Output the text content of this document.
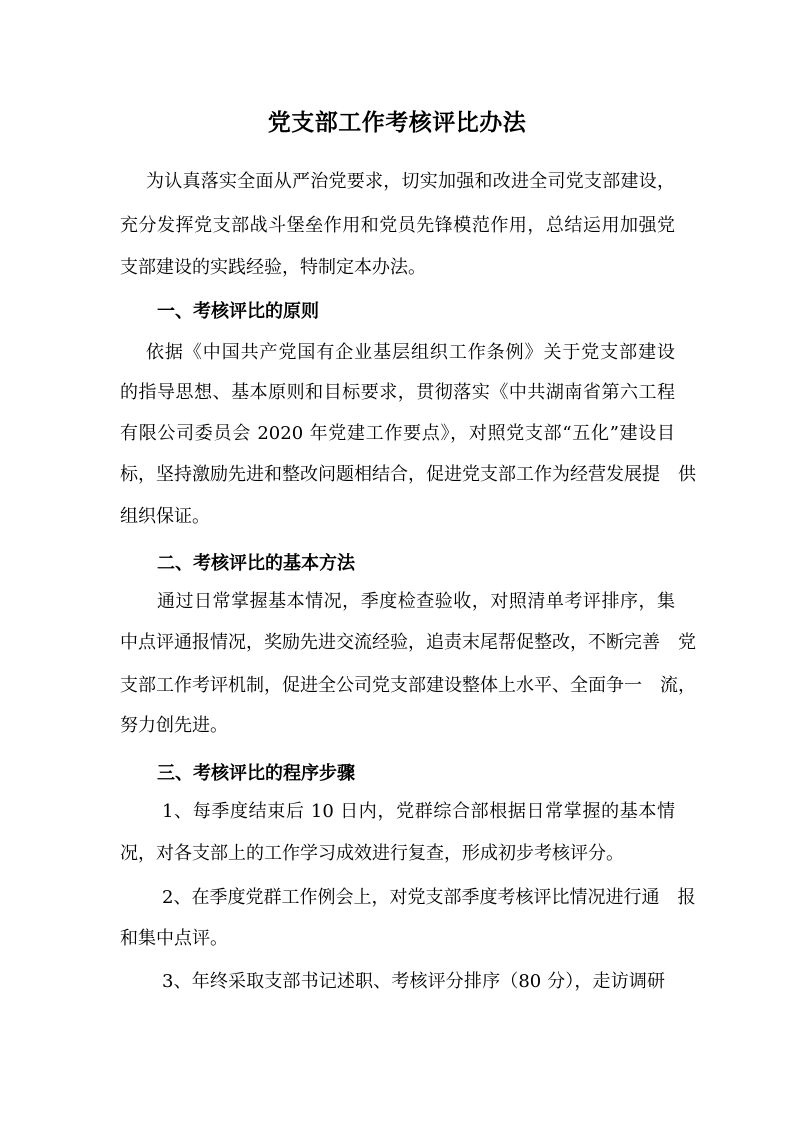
党支部工作考核评比办法
为认真落实全面从严治党要求，切实加强和改进全司党支部建设，
充分发挥党支部战斗堡垒作用和党员先锋模范作用，总结运用加强党
支部建设的实践经验，特制定本办法。
一、考核评比的原则
依据《中国共产党国有企业基层组织工作条例》关于党支部建设
的指导思想、基本原则和目标要求，贯彻落实《中共湖南省第六工程
有限公司委员会 2020 年党建工作要点》，对照党支部“五化”建设目
标，坚持激励先进和整改问题相结合，促进党支部工作为经营发展提　供
组织保证。
二、考核评比的基本方法
通过日常掌握基本情况，季度检查验收，对照清单考评排序，集
中点评通报情况，奖励先进交流经验，追责末尾帮促整改，不断完善　党
支部工作考评机制，促进全公司党支部建设整体上水平、全面争一　流，
努力创先进。
三、考核评比的程序步骤
1、每季度结束后 10 日内，党群综合部根据日常掌握的基本情
况，对各支部上的工作学习成效进行复查，形成初步考核评分。
2、在季度党群工作例会上，对党支部季度考核评比情况进行通　报
和集中点评。
3、年终采取支部书记述职、考核评分排序（80 分），走访调研
